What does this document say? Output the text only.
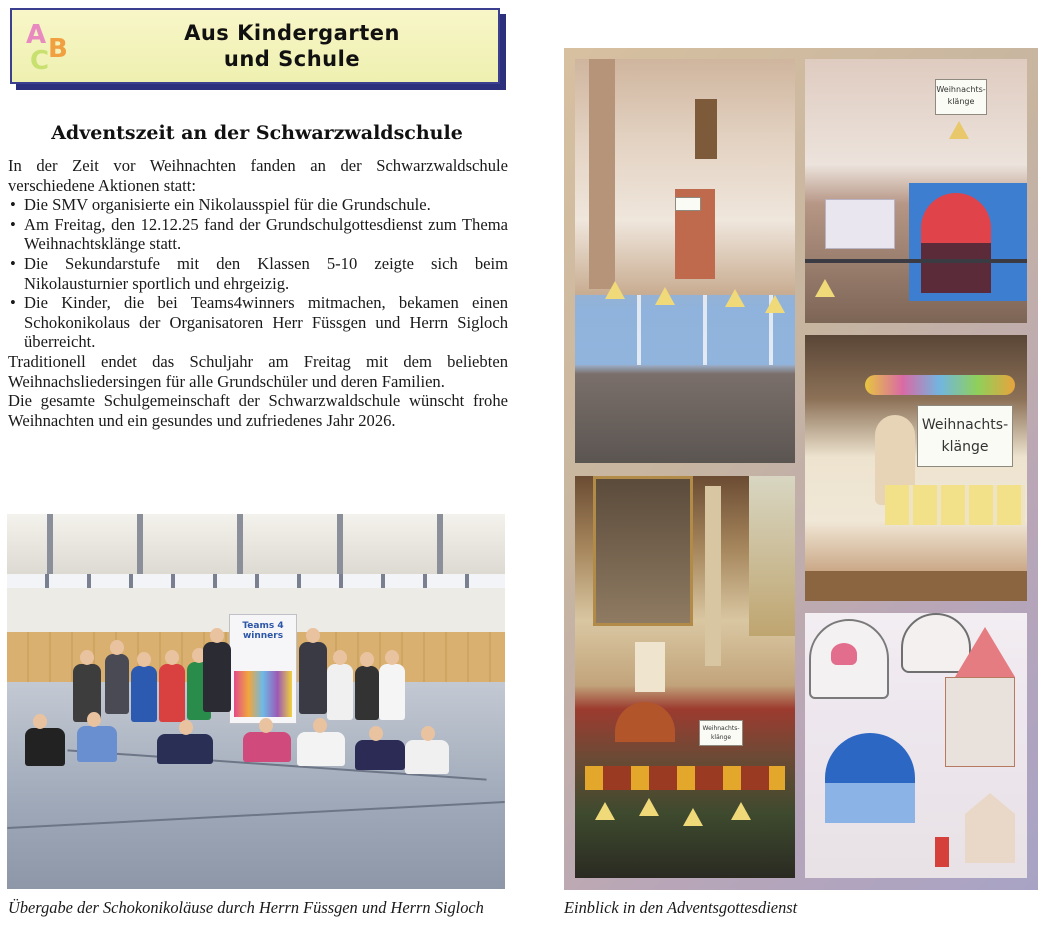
A B
C
Aus Kindergarten
und Schule
Adventszeit an der Schwarzwaldschule

In der Zeit vor Weihnachten fanden an der Schwarzwaldschule verschiedene Aktionen statt:

• Die SMV organisierte ein Nikolausspiel für die Grundschule.
• Am Freitag, den 12.12.25 fand der Grundschulgottesdienst zum Thema Weihnachtsklänge statt.
• Die Sekundarstufe mit den Klassen 5-10 zeigte sich beim Nikolausturnier sportlich und ehrgeizig.
• Die Kinder, die bei Teams4winners mitmachen, bekamen einen Schokonikolaus der Organisatoren Herr Füssgen und Herrn Sigloch überreicht.

Traditionell endet das Schuljahr am Freitag mit dem beliebten Weihnachsliedersingen für alle Grundschüler und deren Familien.

Die gesamte Schulgemeinschaft der Schwarzwaldschule wünscht frohe Weihnachten und ein gesundes und zufriedenes Jahr 2026.

Teams 4 winners
Übergabe der Schokonikoläuse durch Herrn Füssgen und Herrn Sigloch
Weihnachts- klänge
Weihnachts- klänge
Weihnachts- klänge
Einblick in den Adventsgottesdienst
